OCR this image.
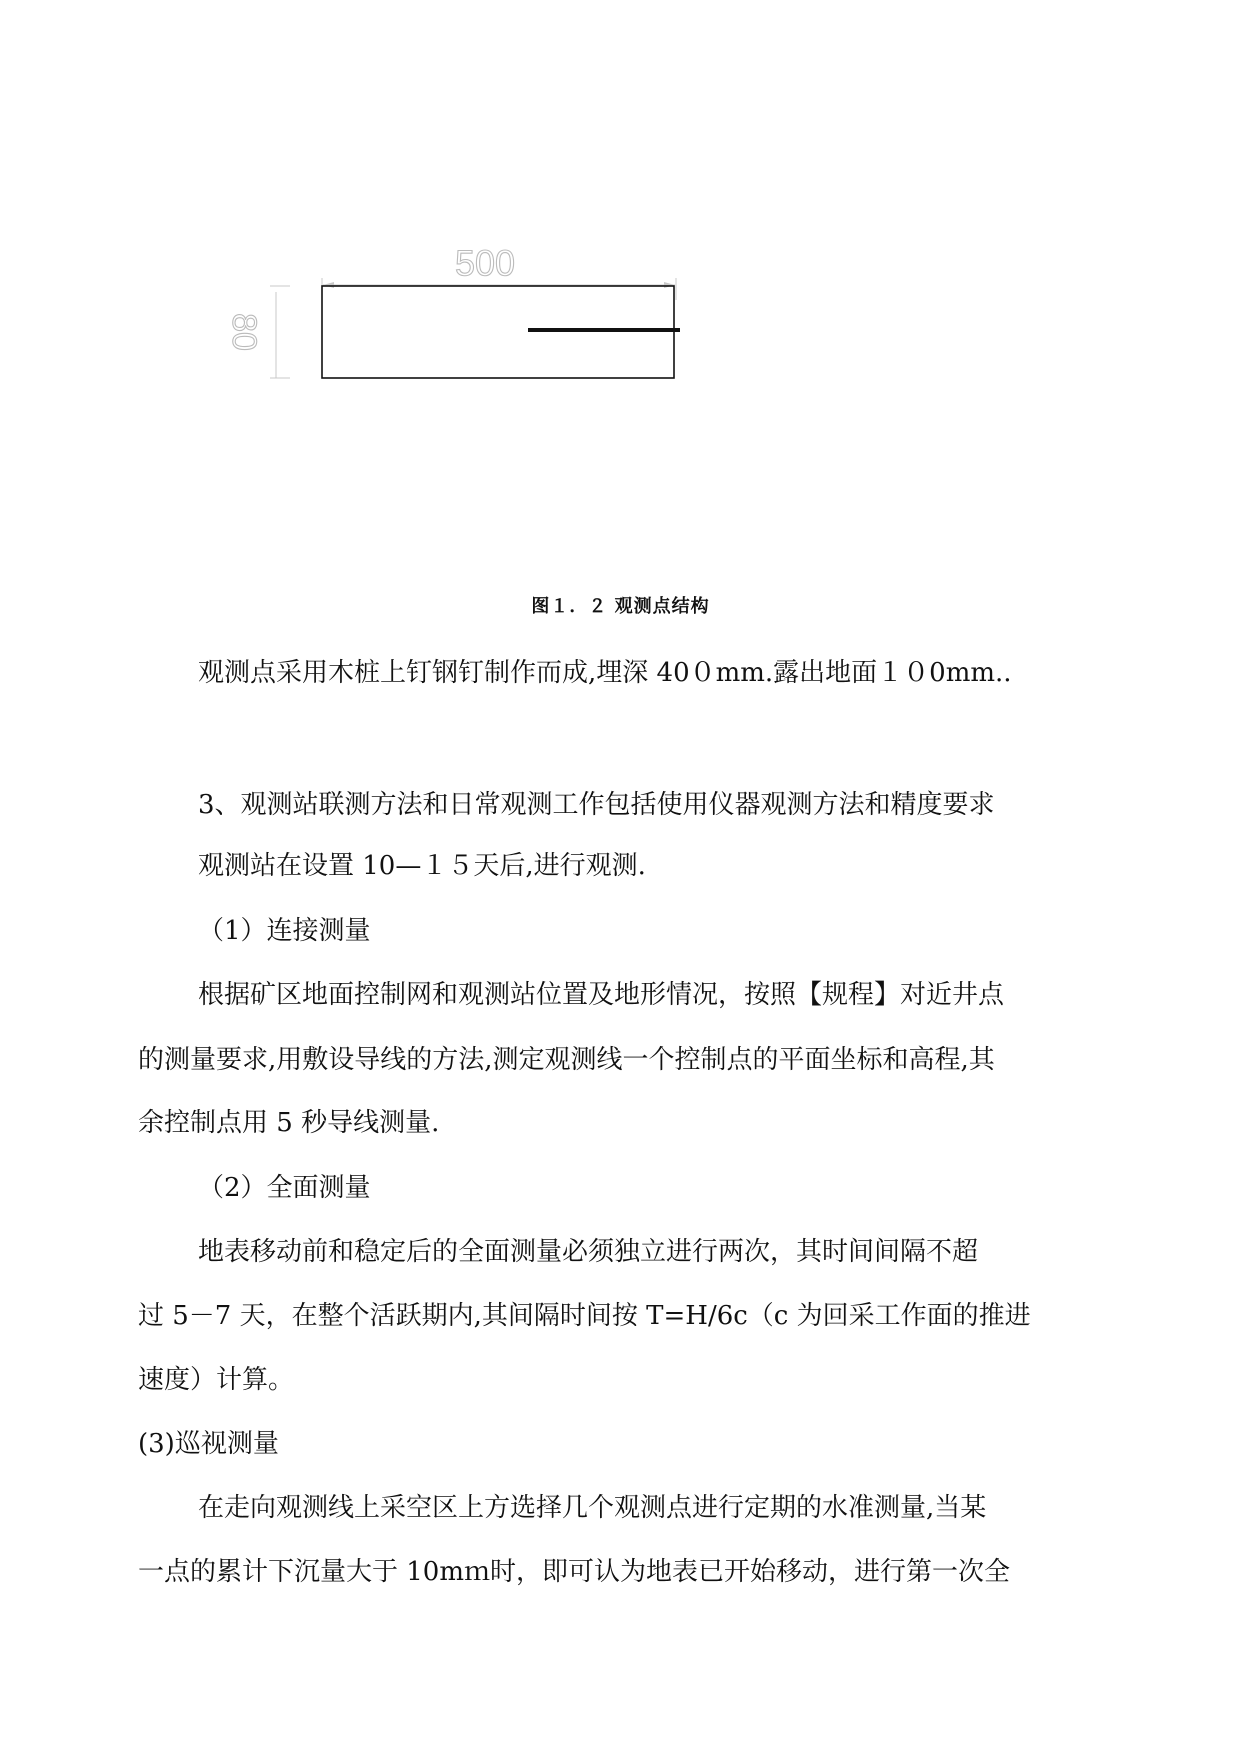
500
80
图１．２ 观测点结构
观测点采用木桩上钉钢钉制作而成,埋深 40０mm.露出地面１０0mm..
3、观测站联测方法和日常观测工作包括使用仪器观测方法和精度要求
观测站在设置 10—１５天后,进行观测.
（1）连接测量
根据矿区地面控制网和观测站位置及地形情况，按照【规程】对近井点
的测量要求,用敷设导线的方法,测定观测线一个控制点的平面坐标和高程,其
余控制点用 5 秒导线测量.
（2）全面测量
地表移动前和稳定后的全面测量必须独立进行两次，其时间间隔不超
过 5－7 天，在整个活跃期内,其间隔时间按 T=H/6c（c 为回采工作面的推进
速度）计算。
(3)巡视测量
在走向观测线上采空区上方选择几个观测点进行定期的水准测量,当某
一点的累计下沉量大于 10mｍ时，即可认为地表已开始移动，进行第一次全
